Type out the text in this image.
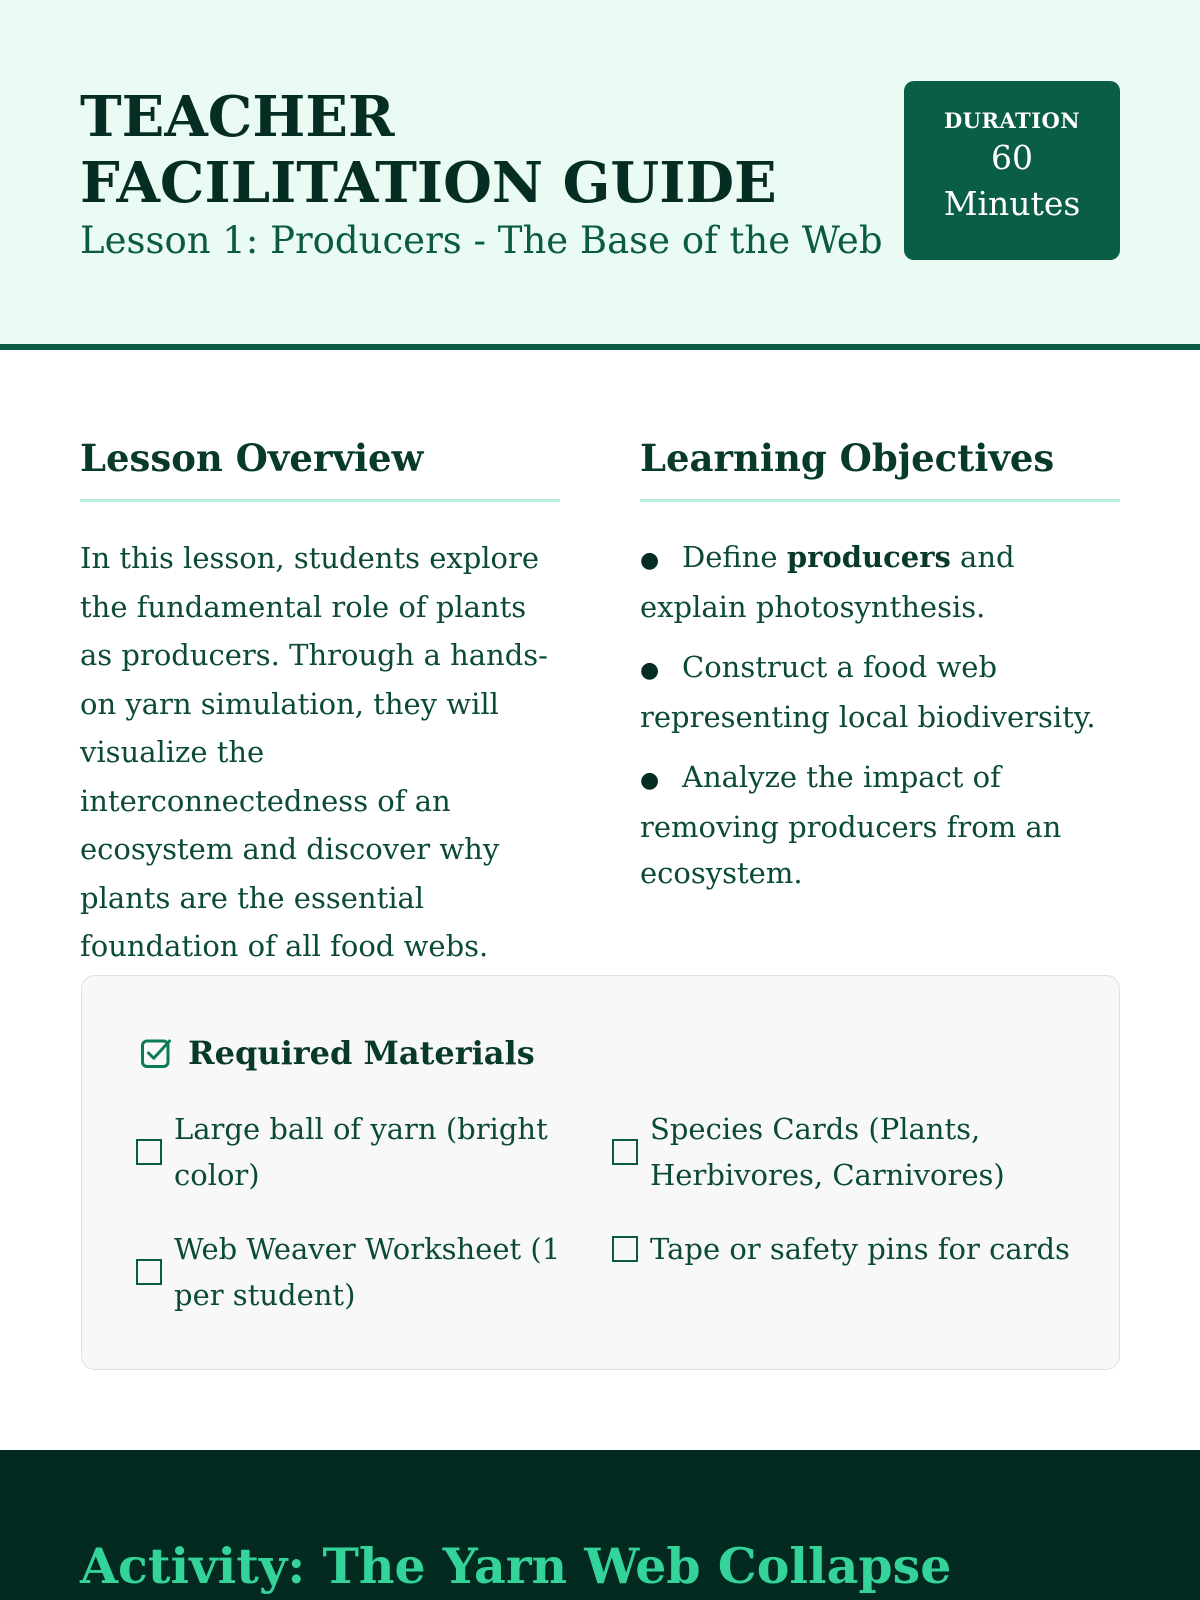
TEACHER FACILITATION GUIDE
Lesson 1: Producers - The Base of the Web
DURATION
60
Minutes
Lesson Overview

In this lesson, students explore the fundamental role of plants as producers. Through a hands-on yarn simulation, they will visualize the interconnectedness of an ecosystem and discover why plants are the essential foundation of all food webs.

Learning Objectives
● Define producers and explain photosynthesis.
● Construct a food web representing local biodiversity.
● Analyze the impact of removing producers from an ecosystem.
Required Materials
Large ball of yarn (bright color)
Species Cards (Plants, Herbivores, Carnivores)
Web Weaver Worksheet (1 per student)
Tape or safety pins for cards
Activity: The Yarn Web Collapse
